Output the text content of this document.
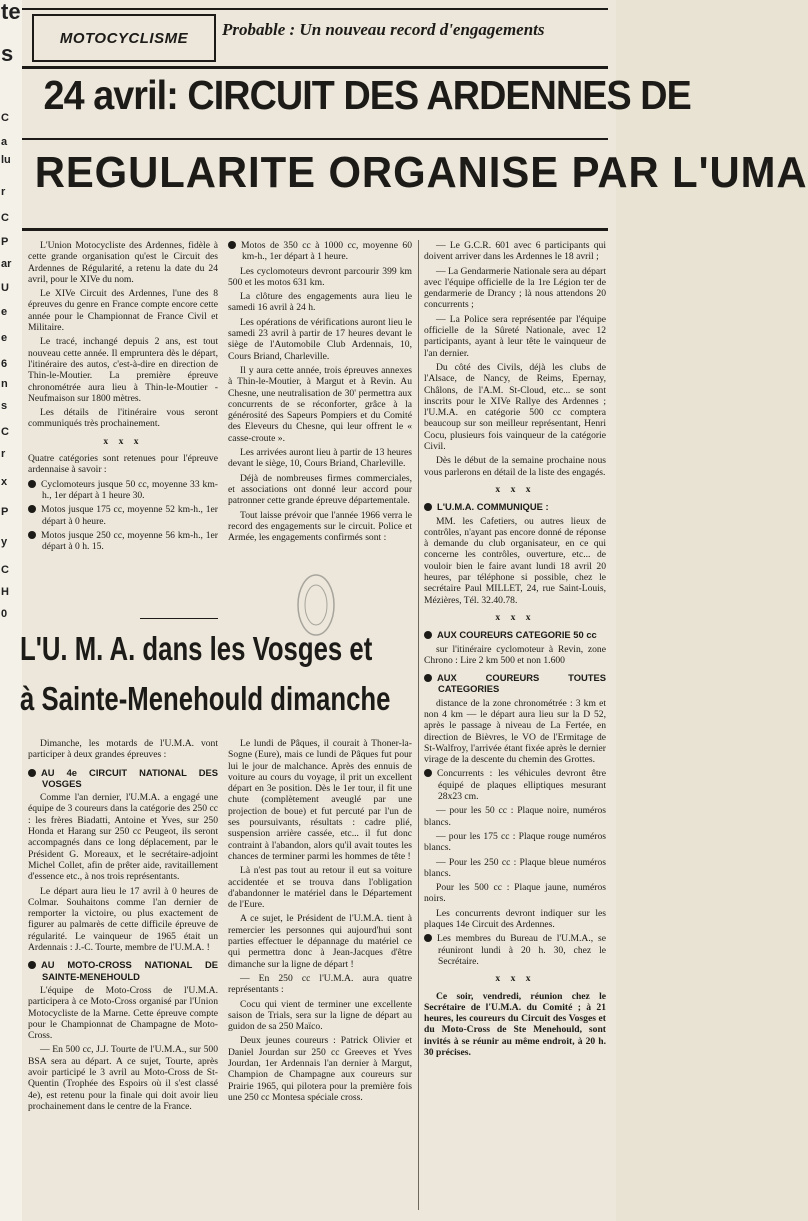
te
s
C
a
lu
r
C
P
ar
U
e
e
6
n
s
C
r
x
P
y
C
H
0
MOTOCYCLISME	Probable : Un nouveau record d'engagements
24 avril: CIRCUIT DES ARDENNES DE
REGULARITE ORGANISE PAR L'UMA

L'Union Motocycliste des Ardennes, fidèle à cette grande organisation qu'est le Circuit des Ardennes de Régularité, a retenu la date du 24 avril, pour le XIVe du nom.

Le XIVe Circuit des Ardennes, l'une des 8 épreuves du genre en France compte encore cette année pour le Championnat de France Civil et Militaire.

Le tracé, inchangé depuis 2 ans, est tout nouveau cette année. Il empruntera dès le départ, l'itinéraire des autos, c'est-à-dire en direction de Thin-le-Moutier. La première épreuve chronométrée aura lieu à Thin-le-Moutier - Neufmaison sur 1800 mètres.

Les détails de l'itinéraire vous seront communiqués très prochainement.

x x x

Quatre catégories sont retenues pour l'épreuve ardennaise à savoir :

Cyclomoteurs jusque 50 cc, moyenne 33 km-h., 1er départ à 1 heure 30.

Motos jusque 175 cc, moyenne 52 km-h., 1er départ à 0 heure.

Motos jusque 250 cc, moyenne 56 km-h., 1er départ à 0 h. 15.

Motos de 350 cc à 1000 cc, moyenne 60 km-h., 1er départ à 1 heure.

Les cyclomoteurs devront parcourir 399 km 500 et les motos 631 km.

La clôture des engagements aura lieu le samedi 16 avril à 24 h.

Les opérations de vérifications auront lieu le samedi 23 avril à partir de 17 heures devant le siège de l'Automobile Club Ardennais, 10, Cours Briand, Charleville.

Il y aura cette année, trois épreuves annexes à Thin-le-Moutier, à Margut et à Revin. Au Chesne, une neutralisation de 30' permettra aux concurrents de se réconforter, grâce à la générosité des Sapeurs Pompiers et du Comité des Eleveurs du Chesne, qui leur offrent le « casse-croute ».

Les arrivées auront lieu à partir de 13 heures devant le siège, 10, Cours Briand, Charleville.

Déjà de nombreuses firmes commerciales, et associations ont donné leur accord pour patronner cette grande épreuve départementale.

Tout laisse prévoir que l'année 1966 verra le record des engagements sur le circuit. Police et Armée, les engagements confirmés sont :

— Le G.C.R. 601 avec 6 participants qui doivent arriver dans les Ardennes le 18 avril ;

— La Gendarmerie Nationale sera au départ avec l'équipe officielle de la 1re Légion ter de gendarmerie de Drancy ; là nous attendons 20 concurrents ;

— La Police sera représentée par l'équipe officielle de la Sûreté Nationale, avec 12 participants, ayant à leur tête le vainqueur de l'an dernier.

Du côté des Civils, déjà les clubs de l'Alsace, de Nancy, de Reims, Epernay, Châlons, de l'A.M. St-Cloud, etc... se sont inscrits pour le XIVe Rallye des Ardennes ; l'U.M.A. en catégorie 500 cc comptera beaucoup sur son meilleur représentant, Henri Cocu, plusieurs fois vainqueur de la catégorie Civil.

Dès le début de la semaine prochaine nous vous parlerons en détail de la liste des engagés.

x x x

L'U.M.A. COMMUNIQUE :

MM. les Cafetiers, ou autres lieux de contrôles, n'ayant pas encore donné de réponse à demande du club organisateur, en ce qui concerne les contrôles, ouverture, etc... de vouloir bien le faire avant lundi 18 avril 20 heures, par téléphone si possible, chez le secrétaire Paul MILLET, 24, rue Saint-Louis, Mézières, Tél. 32.40.78.

x x x

AUX COUREURS CATEGORIE 50 cc

sur l'itinéraire cyclomoteur à Revin, zone Chrono : Lire 2 km 500 et non 1.600

AUX COUREURS TOUTES CATEGORIES

distance de la zone chronométrée : 3 km et non 4 km — le départ aura lieu sur la D 52, après le passage à niveau de La Fertée, en direction de Bièvres, le VO de l'Ermitage de St-Walfroy, l'arrivée étant fixée après le dernier virage de la descente du chemin des Grottes.

Concurrents : les véhicules devront être équipé de plaques elliptiques mesurant 28x23 cm.

— pour les 50 cc : Plaque noire, numéros blancs.

— pour les 175 cc : Plaque rouge numéros blancs.

— Pour les 250 cc : Plaque bleue numéros blancs.

Pour les 500 cc : Plaque jaune, numéros noirs.

Les concurrents devront indiquer sur les plaques 14e Circuit des Ardennes.

Les membres du Bureau de l'U.M.A., se réuniront lundi à 20 h. 30, chez le Secrétaire.

x x x

Ce soir, vendredi, réunion chez le Secrétaire de l'U.M.A. du Comité ; à 21 heures, les coureurs du Circuit des Vosges et du Moto-Cross de Ste Menehould, sont invités à se réunir au même endroit, à 20 h. 30 précises.

L'U. M. A. dans les Vosges et
à Sainte-Menehould dimanche

Dimanche, les motards de l'U.M.A. vont participer à deux grandes épreuves :

AU 4e CIRCUIT NATIONAL DES VOSGES

Comme l'an dernier, l'U.M.A. a engagé une équipe de 3 coureurs dans la catégorie des 250 cc : les frères Biadatti, Antoine et Yves, sur 250 Honda et Harang sur 250 cc Peugeot, ils seront accompagnés dans ce long déplacement, par le Président G. Moreaux, et le secrétaire-adjoint Michel Collet, afin de prêter aide, ravitaillement d'essence etc., à nos trois représentants.

Le départ aura lieu le 17 avril à 0 heures de Colmar. Souhaitons comme l'an dernier de remporter la victoire, ou plus exactement de figurer au palmarès de cette difficile épreuve de régularité. Le vainqueur de 1965 était un Ardennais : J.-C. Tourte, membre de l'U.M.A. !

AU MOTO-CROSS NATIONAL DE SAINTE-MENEHOULD

L'équipe de Moto-Cross de l'U.M.A. participera à ce Moto-Cross organisé par l'Union Motocycliste de la Marne. Cette épreuve compte pour le Championnat de Champagne de Moto-Cross.

— En 500 cc, J.J. Tourte de l'U.M.A., sur 500 BSA sera au départ. A ce sujet, Tourte, après avoir participé le 3 avril au Moto-Cross de St-Quentin (Trophée des Espoirs où il s'est classé 4e), est retenu pour la finale qui doit avoir lieu prochainement dans le centre de la France.

Le lundi de Pâques, il courait à Thoner-la-Sogne (Eure), mais ce lundi de Pâques fut pour lui le jour de malchance. Après des ennuis de voiture au cours du voyage, il prit un excellent départ en 3e position. Dès le 1er tour, il fit une chute (complètement aveuglé par une projection de boue) et fut percuté par l'un de ses poursuivants, résultats : cadre plié, suspension arrière cassée, etc... il fut donc contraint à l'abandon, alors qu'il avait toutes les chances de terminer parmi les hommes de tête !

Là n'est pas tout au retour il eut sa voiture accidentée et se trouva dans l'obligation d'abandonner le matériel dans le Département de l'Eure.

A ce sujet, le Président de l'U.M.A. tient à remercier les personnes qui aujourd'hui sont parties effectuer le dépannage du matériel ce qui permettra donc à Jean-Jacques d'être dimanche sur la ligne de départ !

— En 250 cc l'U.M.A. aura quatre représentants :

Cocu qui vient de terminer une excellente saison de Trials, sera sur la ligne de départ au guidon de sa 250 Maïco.

Deux jeunes coureurs : Patrick Olivier et Daniel Jourdan sur 250 cc Greeves et Yves Jourdan, 1er Ardennais l'an dernier à Margut, Champion de Champagne aux coureurs sur Prairie 1965, qui pilotera pour la première fois une 250 cc Montesa spéciale cross.
